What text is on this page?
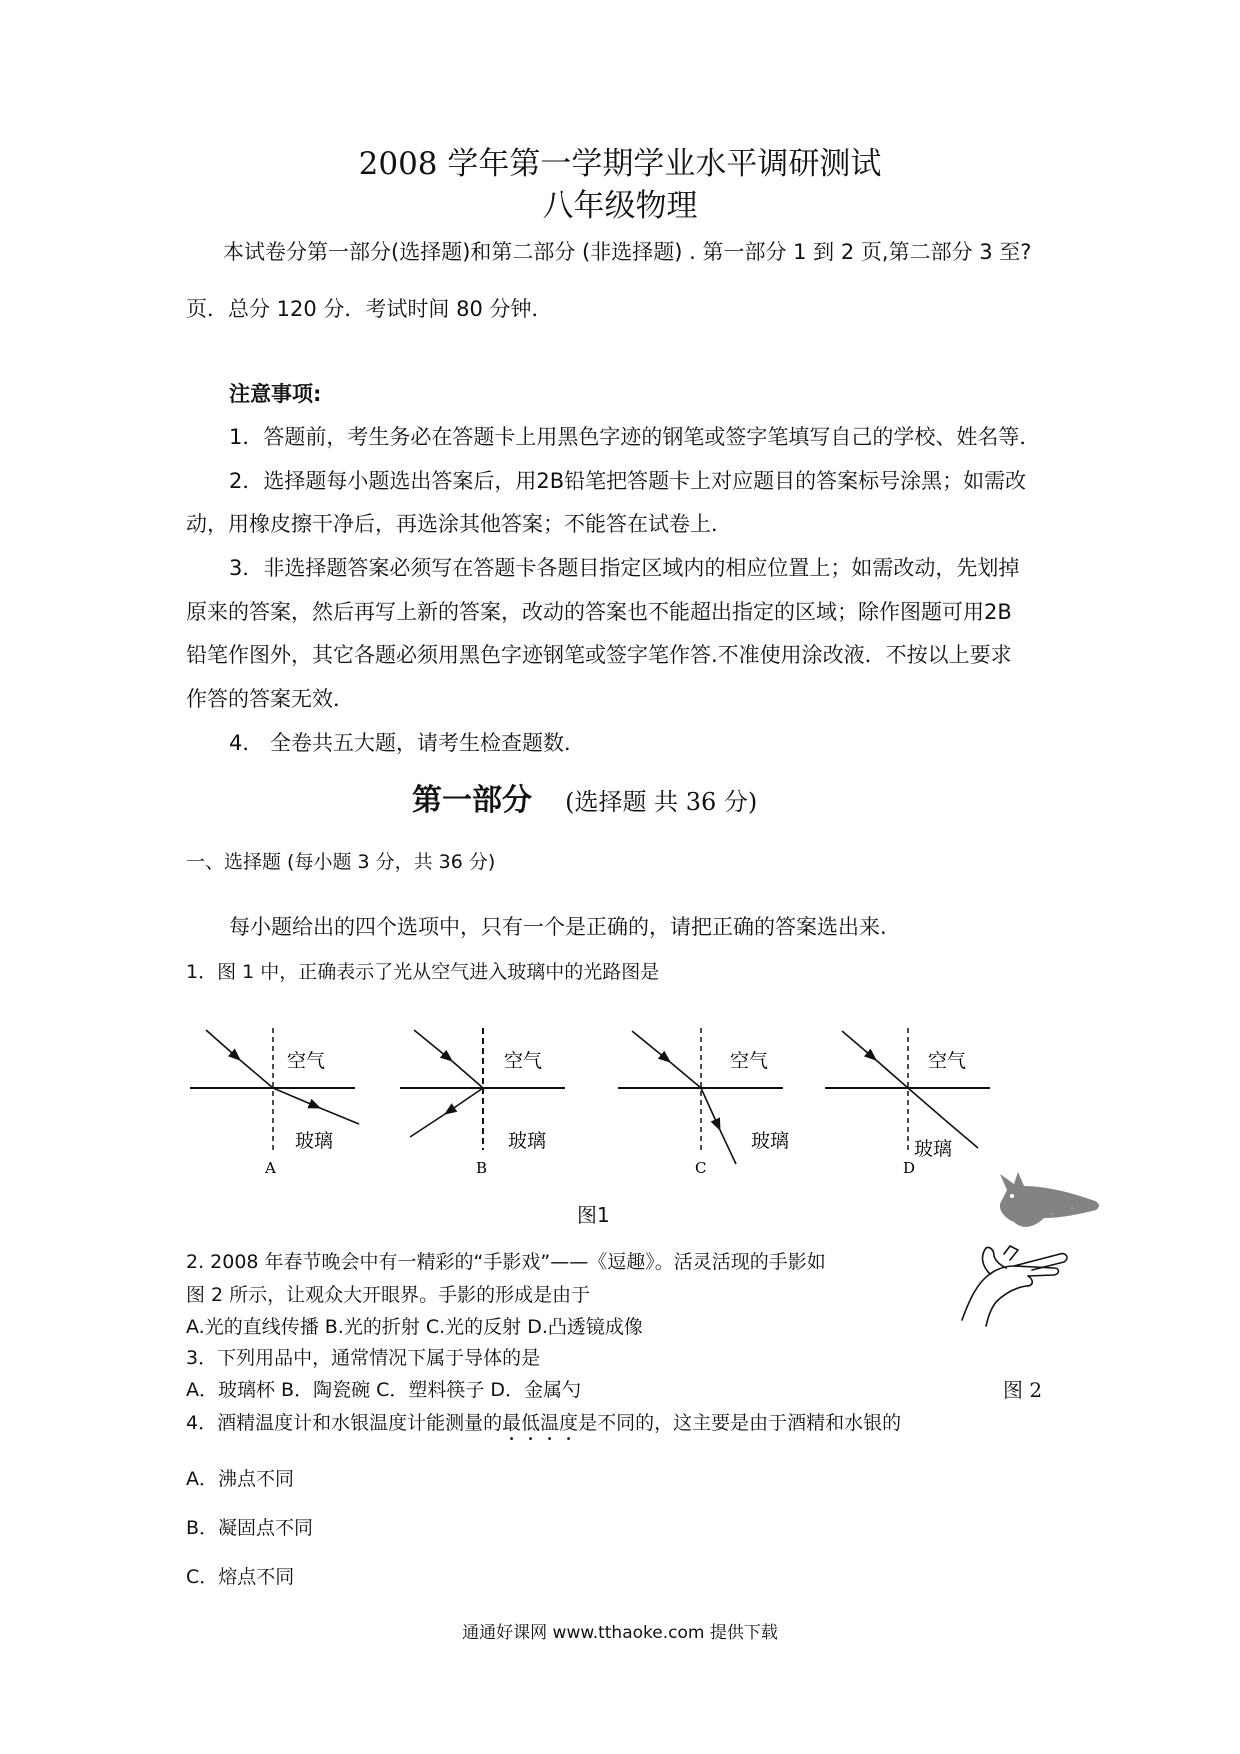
2008 学年第一学期学业水平调研测试
八年级物理
本试卷分第一部分(选择题)和第二部分 (非选择题) . 第一部分 1 到 2 页,第二部分 3 至?
页．总分 120 分．考试时间 80 分钟．
注意事项:
1．答题前，考生务必在答题卡上用黑色字迹的钢笔或签字笔填写自己的学校、姓名等．
2．选择题每小题选出答案后，用2B铅笔把答题卡上对应题目的答案标号涂黑；如需改
动，用橡皮擦干净后，再选涂其他答案；不能答在试卷上．
3．非选择题答案必须写在答题卡各题目指定区域内的相应位置上；如需改动，先划掉
原来的答案，然后再写上新的答案，改动的答案也不能超出指定的区域；除作图题可用2B
铅笔作图外，其它各题必须用黑色字迹钢笔或签字笔作答.不准使用涂改液．不按以上要求
作答的答案无效．
4． 全卷共五大题，请考生检查题数．
第一部分 (选择题 共 36 分)
一、选择题 (每小题 3 分，共 36 分)
每小题给出的四个选项中，只有一个是正确的，请把正确的答案选出来.
1．图 1 中，正确表示了光从空气进入玻璃中的光路图是
空气
玻璃
A
空气
玻璃
B
空气
玻璃
C
空气
玻璃
D
图1
2. 2008 年春节晚会中有一精彩的“手影戏”——《逗趣》。活灵活现的手影如
图 2 所示，让观众大开眼界。手影的形成是由于
A.光的直线传播 B.光的折射 C.光的反射 D.凸透镜成像
3．下列用品中，通常情况下属于导体的是
A．玻璃杯 B．陶瓷碗 C．塑料筷子 D．金属勺	图 2
4．酒精温度计和水银温度计能测量的最低温度是不同的，这主要是由于酒精和水银的
A．沸点不同
B．凝固点不同
C．熔点不同
通通好课网 www.tthaoke.com 提供下载
